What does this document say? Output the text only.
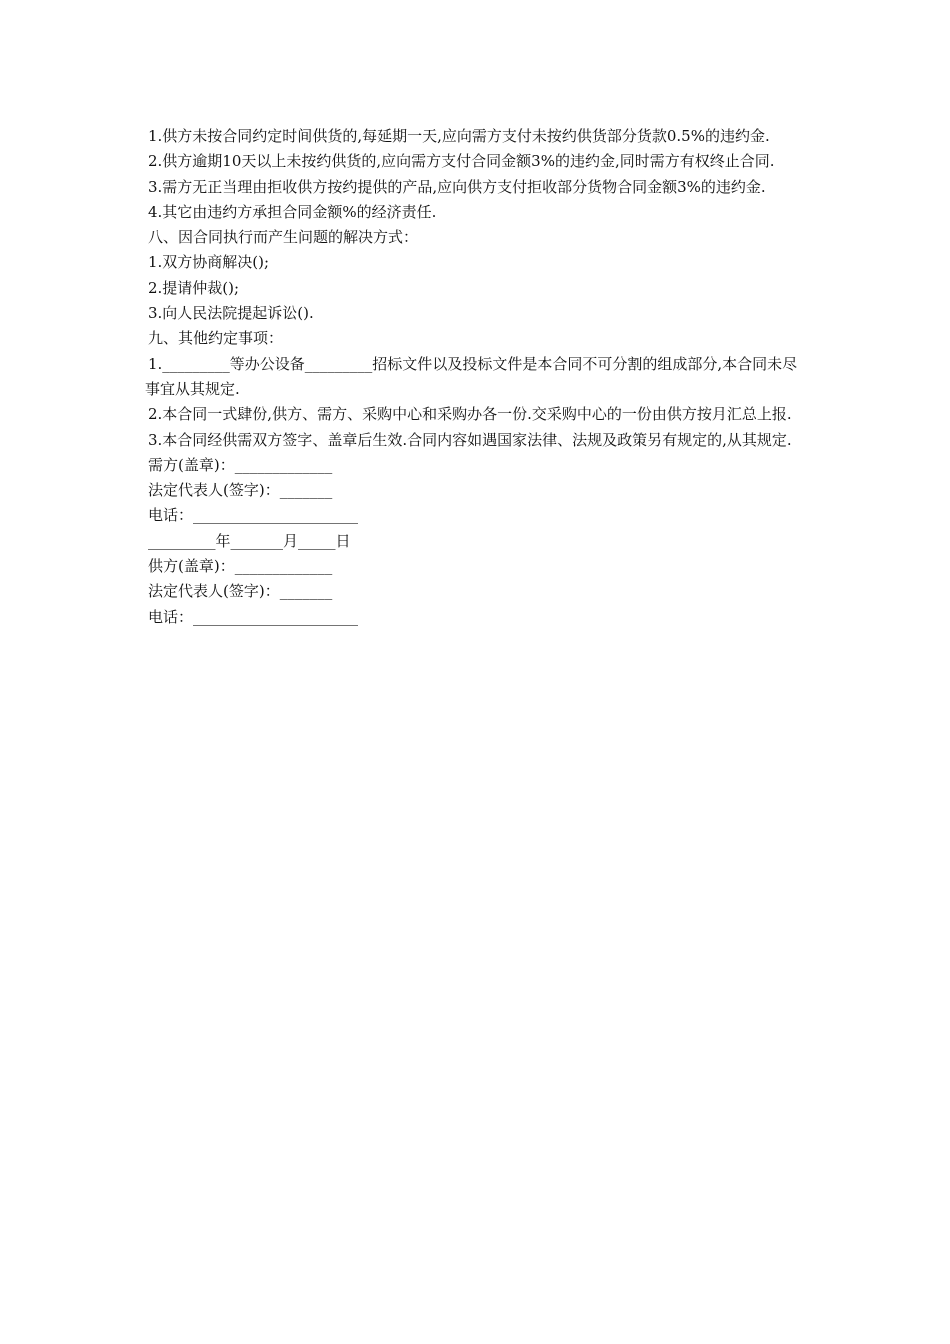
1.供方未按合同约定时间供货的,每延期一天,应向需方支付未按约供货部分货款0.5%的违约金.

2.供方逾期10天以上未按约供货的,应向需方支付合同金额3%的违约金,同时需方有权终止合同.

3.需方无正当理由拒收供方按约提供的产品,应向供方支付拒收部分货物合同金额3%的违约金.

4.其它由违约方承担合同金额%的经济责任.

八、因合同执行而产生问题的解决方式：

1.双方协商解决();

2.提请仲裁();

3.向人民法院提起诉讼().

九、其他约定事项：

1._________等办公设备_________招标文件以及投标文件是本合同不可分割的组成部分,本合同未尽事宜从其规定.

2.本合同一式肆份,供方、需方、采购中心和采购办各一份.交采购中心的一份由供方按月汇总上报.

3.本合同经供需双方签字、盖章后生效.合同内容如遇国家法律、法规及政策另有规定的,从其规定.

需方(盖章)：_____________

法定代表人(签字)：_______

电话：______________________

_________年_______月_____日

供方(盖章)：_____________

法定代表人(签字)：_______

电话：______________________
